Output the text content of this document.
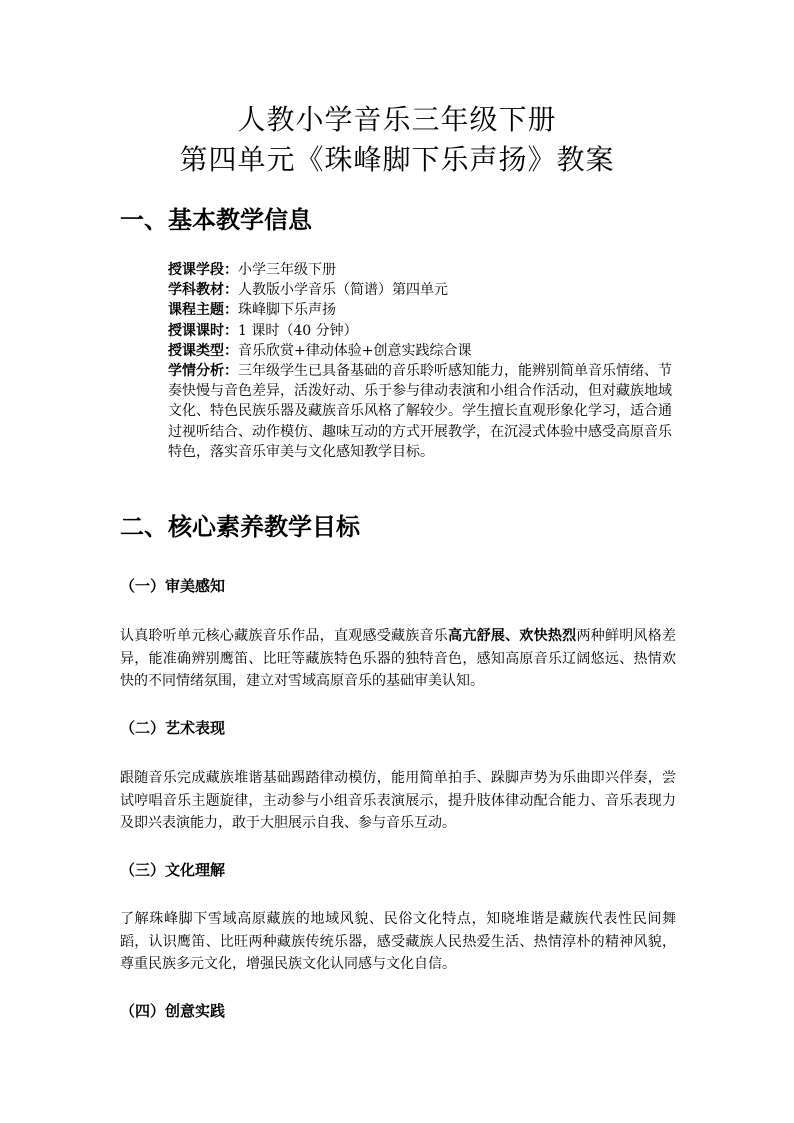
人教小学音乐三年级下册
第四单元《珠峰脚下乐声扬》教案
一、基本教学信息

授课学段：小学三年级下册

学科教材：人教版小学音乐（简谱）第四单元

课程主题：珠峰脚下乐声扬

授课课时：1 课时（40 分钟）

授课类型：音乐欣赏+律动体验+创意实践综合课

学情分析：三年级学生已具备基础的音乐聆听感知能力，能辨别简单音乐情绪、节奏快慢与音色差异，活泼好动、乐于参与律动表演和小组合作活动，但对藏族地域文化、特色民族乐器及藏族音乐风格了解较少。学生擅长直观形象化学习，适合通过视听结合、动作模仿、趣味互动的方式开展教学，在沉浸式体验中感受高原音乐特色，落实音乐审美与文化感知教学目标。

二、核心素养教学目标
（一）审美感知

认真聆听单元核心藏族音乐作品，直观感受藏族音乐高亢舒展、欢快热烈两种鲜明风格差异，能准确辨别鹰笛、比旺等藏族特色乐器的独特音色，感知高原音乐辽阔悠远、热情欢快的不同情绪氛围，建立对雪域高原音乐的基础审美认知。

（二）艺术表现

跟随音乐完成藏族堆谐基础踢踏律动模仿，能用简单拍手、跺脚声势为乐曲即兴伴奏，尝试哼唱音乐主题旋律，主动参与小组音乐表演展示，提升肢体律动配合能力、音乐表现力及即兴表演能力，敢于大胆展示自我、参与音乐互动。

（三）文化理解

了解珠峰脚下雪域高原藏族的地域风貌、民俗文化特点，知晓堆谐是藏族代表性民间舞蹈，认识鹰笛、比旺两种藏族传统乐器，感受藏族人民热爱生活、热情淳朴的精神风貌，尊重民族多元文化，增强民族文化认同感与文化自信。

（四）创意实践
